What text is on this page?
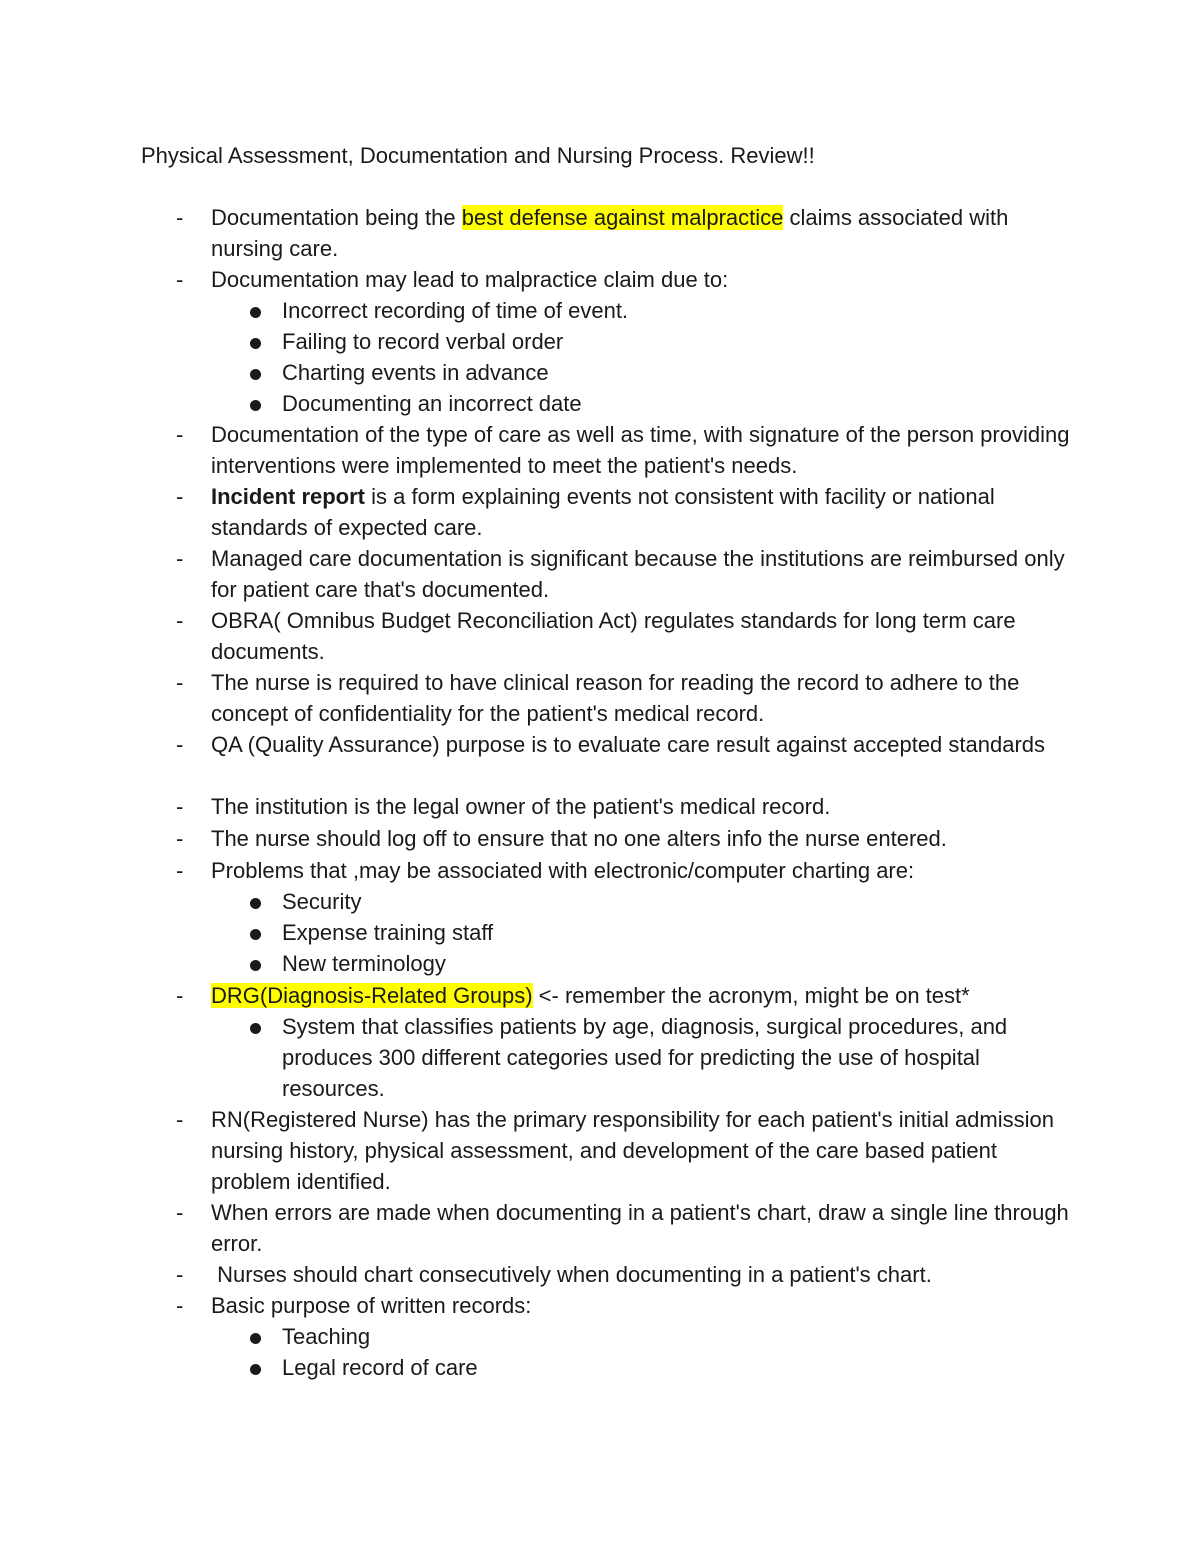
Physical Assessment, Documentation and Nursing Process. Review!!
- Documentation being the best defense against malpractice claims associated with nursing care.
- Documentation may lead to malpractice claim due to:
Incorrect recording of time of event.
Failing to record verbal order
Charting events in advance
Documenting an incorrect date
- Documentation of the type of care as well as time, with signature of the person providing interventions were implemented to meet the patient's needs.
- Incident report is a form explaining events not consistent with facility or national standards of expected care.
- Managed care documentation is significant because the institutions are reimbursed only for patient care that's documented.
- OBRA( Omnibus Budget Reconciliation Act) regulates standards for long term care documents.
- The nurse is required to have clinical reason for reading the record to adhere to the concept of confidentiality for the patient's medical record.
- QA (Quality Assurance) purpose is to evaluate care result against accepted standards
- The institution is the legal owner of the patient's medical record.
- The nurse should log off to ensure that no one alters info the nurse entered.
- Problems that ,may be associated with electronic/computer charting are:
Security
Expense training staff
New terminology
- DRG(Diagnosis-Related Groups) <- remember the acronym, might be on test*
System that classifies patients by age, diagnosis, surgical procedures, and produces 300 different categories used for predicting the use of hospital resources.
- RN(Registered Nurse) has the primary responsibility for each patient's initial admission nursing history, physical assessment, and development of the care based patient problem identified.
- When errors are made when documenting in a patient's chart, draw a single line through error.
- Nurses should chart consecutively when documenting in a patient's chart.
- Basic purpose of written records:
Teaching
Legal record of care
